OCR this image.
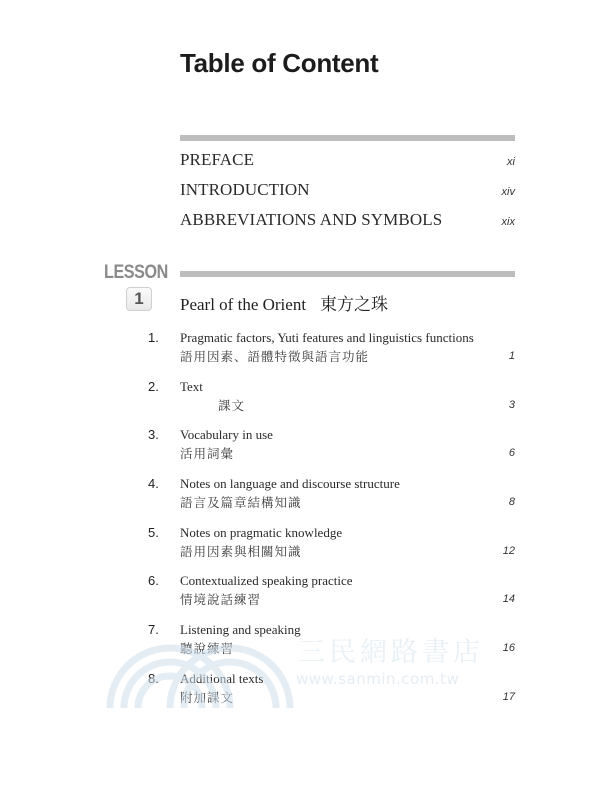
Table of Content
PREFACE	xi
INTRODUCTION	xiv
ABBREVIATIONS AND SYMBOLS	xix
LESSON
1	Pearl of the Orient 東方之珠
1. Pragmatic factors, Yuti features and linguistics functions
語用因素、語體特徵與語言功能	1
2. Text
課文	3
3. Vocabulary in use
活用詞彙	6
4. Notes on language and discourse structure
語言及篇章結構知識	8
5. Notes on pragmatic knowledge
語用因素與相關知識	12
6. Contextualized speaking practice
情境說話練習	14
7. Listening and speaking
聽說練習	16
8. Additional texts
附加課文	17
三民網路書店
www.sanmin.com.tw
